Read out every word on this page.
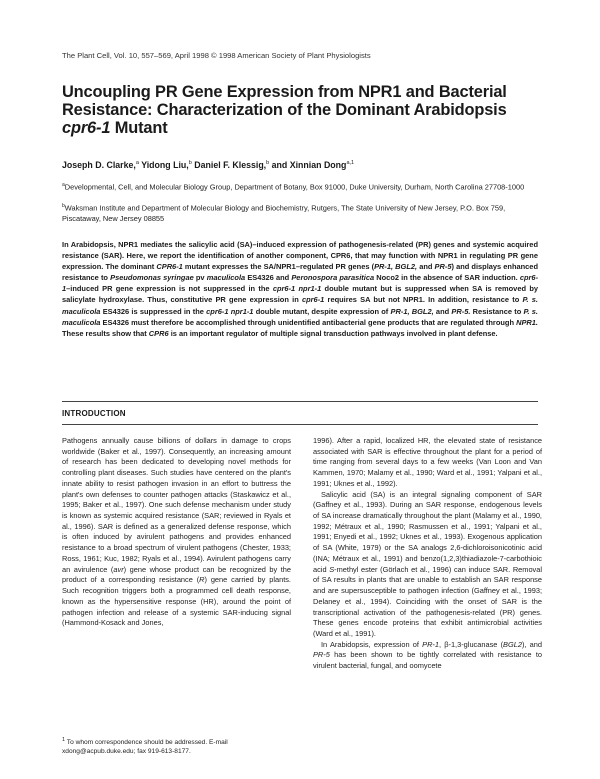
The Plant Cell, Vol. 10, 557–569, April 1998 © 1998 American Society of Plant Physiologists
Uncoupling PR Gene Expression from NPR1 and Bacterial
Resistance: Characterization of the Dominant Arabidopsis
cpr6-1 Mutant
Joseph D. Clarke,$^a$ Yidong Liu,$^b$ Daniel F. Klessig,$^b$ and Xinnian Dong$^{a,1}$
$^a$Developmental, Cell, and Molecular Biology Group, Department of Botany, Box 91000, Duke University, Durham, North Carolina 27708-1000
$^b$Waksman Institute and Department of Molecular Biology and Biochemistry, Rutgers, The State University of New Jersey, P.O. Box 759, Piscataway, New Jersey 08855
In Arabidopsis, NPR1 mediates the salicylic acid (SA)–induced expression of pathogenesis-related (PR) genes and systemic acquired resistance (SAR). Here, we report the identification of another component, CPR6, that may function with NPR1 in regulating PR gene expression. The dominant CPR6-1 mutant expresses the SA/NPR1–regulated PR genes (PR-1, BGL2, and PR-5) and displays enhanced resistance to Pseudomonas syringae pv maculicola ES4326 and Peronospora parasitica Noco2 in the absence of SAR induction. cpr6-1–induced PR gene expression is not suppressed in the cpr6-1 npr1-1 double mutant but is suppressed when SA is removed by salicylate hydroxylase. Thus, constitutive PR gene expression in cpr6-1 requires SA but not NPR1. In addition, resistance to P. s. maculicola ES4326 is suppressed in the cpr6-1 npr1-1 double mutant, despite expression of PR-1, BGL2, and PR-5. Resistance to P. s. maculicola ES4326 must therefore be accomplished through unidentified antibacterial gene products that are regulated through NPR1. These results show that CPR6 is an important regulator of multiple signal transduction pathways involved in plant defense.
INTRODUCTION

Pathogens annually cause billions of dollars in damage to crops worldwide (Baker et al., 1997). Consequently, an increasing amount of research has been dedicated to developing novel methods for controlling plant diseases. Such studies have centered on the plant's innate ability to resist pathogen invasion in an effort to buttress the plant's own defenses to counter pathogen attacks (Staskawicz et al., 1995; Baker et al., 1997). One such defense mechanism under study is known as systemic acquired resistance (SAR; reviewed in Ryals et al., 1996). SAR is defined as a generalized defense response, which is often induced by avirulent pathogens and provides enhanced resistance to a broad spectrum of virulent pathogens (Chester, 1933; Ross, 1961; Kuc, 1982; Ryals et al., 1994). Avirulent pathogens carry an avirulence (avr) gene whose product can be recognized by the product of a corresponding resistance (R) gene carried by plants. Such recognition triggers both a programmed cell death response, known as the hypersensitive response (HR), around the point of pathogen infection and release of a systemic SAR-inducing signal (Hammond-Kosack and Jones,

$^1$ To whom correspondence should be addressed. E-mail xdong@acpub.duke.edu; fax 919-613-8177.

1996). After a rapid, localized HR, the elevated state of resistance associated with SAR is effective throughout the plant for a period of time ranging from several days to a few weeks (Van Loon and Van Kammen, 1970; Malamy et al., 1990; Ward et al., 1991; Yalpani et al., 1991; Uknes et al., 1992).

Salicylic acid (SA) is an integral signaling component of SAR (Gaffney et al., 1993). During an SAR response, endogenous levels of SA increase dramatically throughout the plant (Malamy et al., 1990, 1992; Métraux et al., 1990; Rasmussen et al., 1991; Yalpani et al., 1991; Enyedi et al., 1992; Uknes et al., 1993). Exogenous application of SA (White, 1979) or the SA analogs 2,6-dichloroisonicotinic acid (INA; Métraux et al., 1991) and benzo(1,2,3)thiadiazole-7-carbothioic acid S-methyl ester (Görlach et al., 1996) can induce SAR. Removal of SA results in plants that are unable to establish an SAR response and are supersusceptible to pathogen infection (Gaffney et al., 1993; Delaney et al., 1994). Coinciding with the onset of SAR is the transcriptional activation of the pathogenesis-related (PR) genes. These genes encode proteins that exhibit antimicrobial activities (Ward et al., 1991).

In Arabidopsis, expression of PR-1, β-1,3-glucanase (BGL2), and PR-5 has been shown to be tightly correlated with resistance to virulent bacterial, fungal, and oomycete
